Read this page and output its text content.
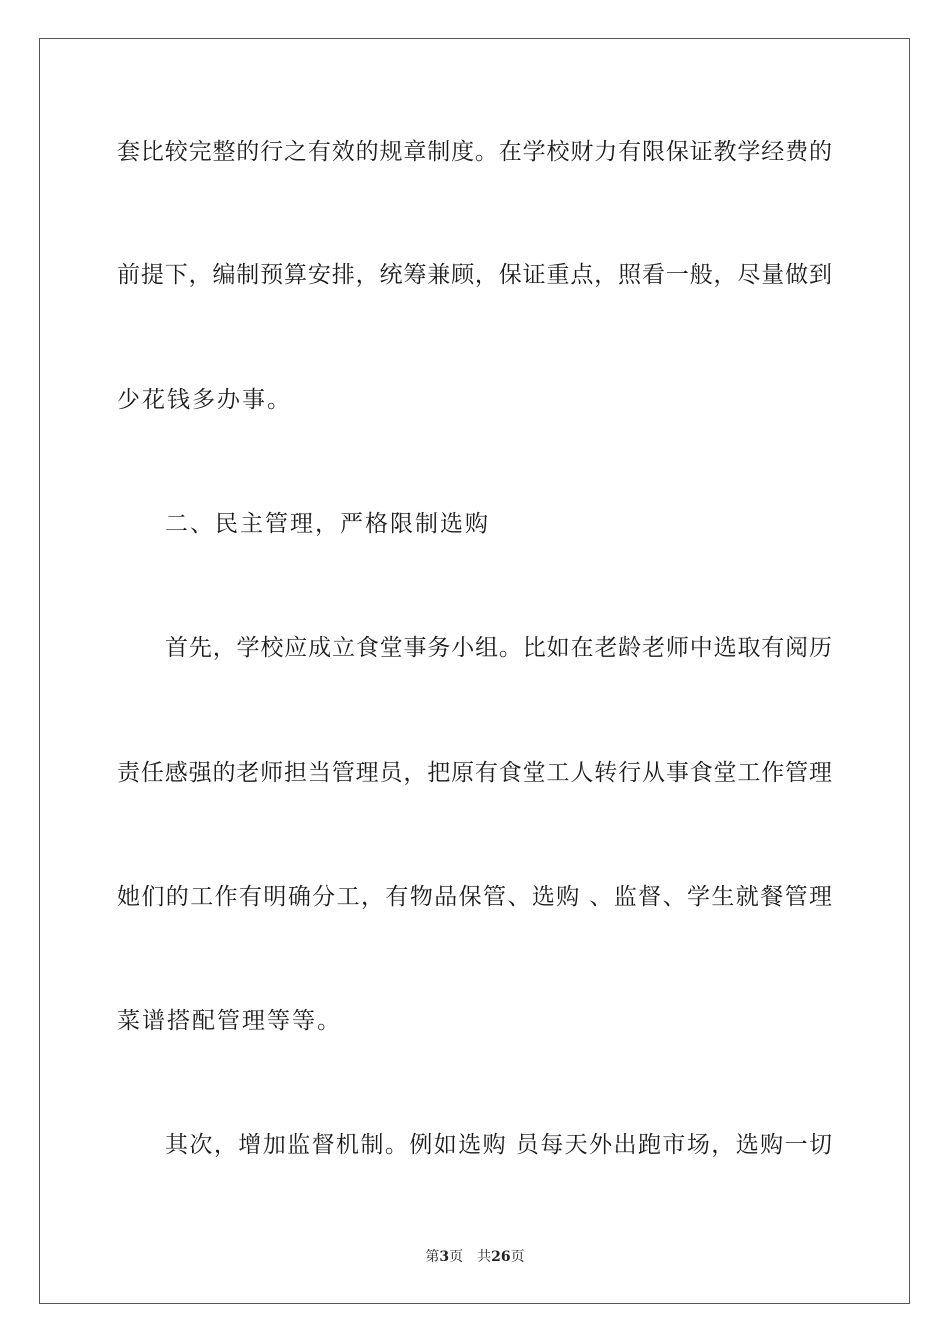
套比较完整的行之有效的规章制度。在学校财力有限保证教学经费的
前提下，编制预算安排，统筹兼顾，保证重点，照看一般，尽量做到
少花钱多办事。
二、民主管理，严格限制选购
首先，学校应成立食堂事务小组。比如在老龄老师中选取有阅历
责任感强的老师担当管理员，把原有食堂工人转行从事食堂工作管理
她们的工作有明确分工，有物品保管、选购 、监督、学生就餐管理
菜谱搭配管理等等。
其次，增加监督机制。例如选购 员每天外出跑市场，选购一切
第3页 共26页
